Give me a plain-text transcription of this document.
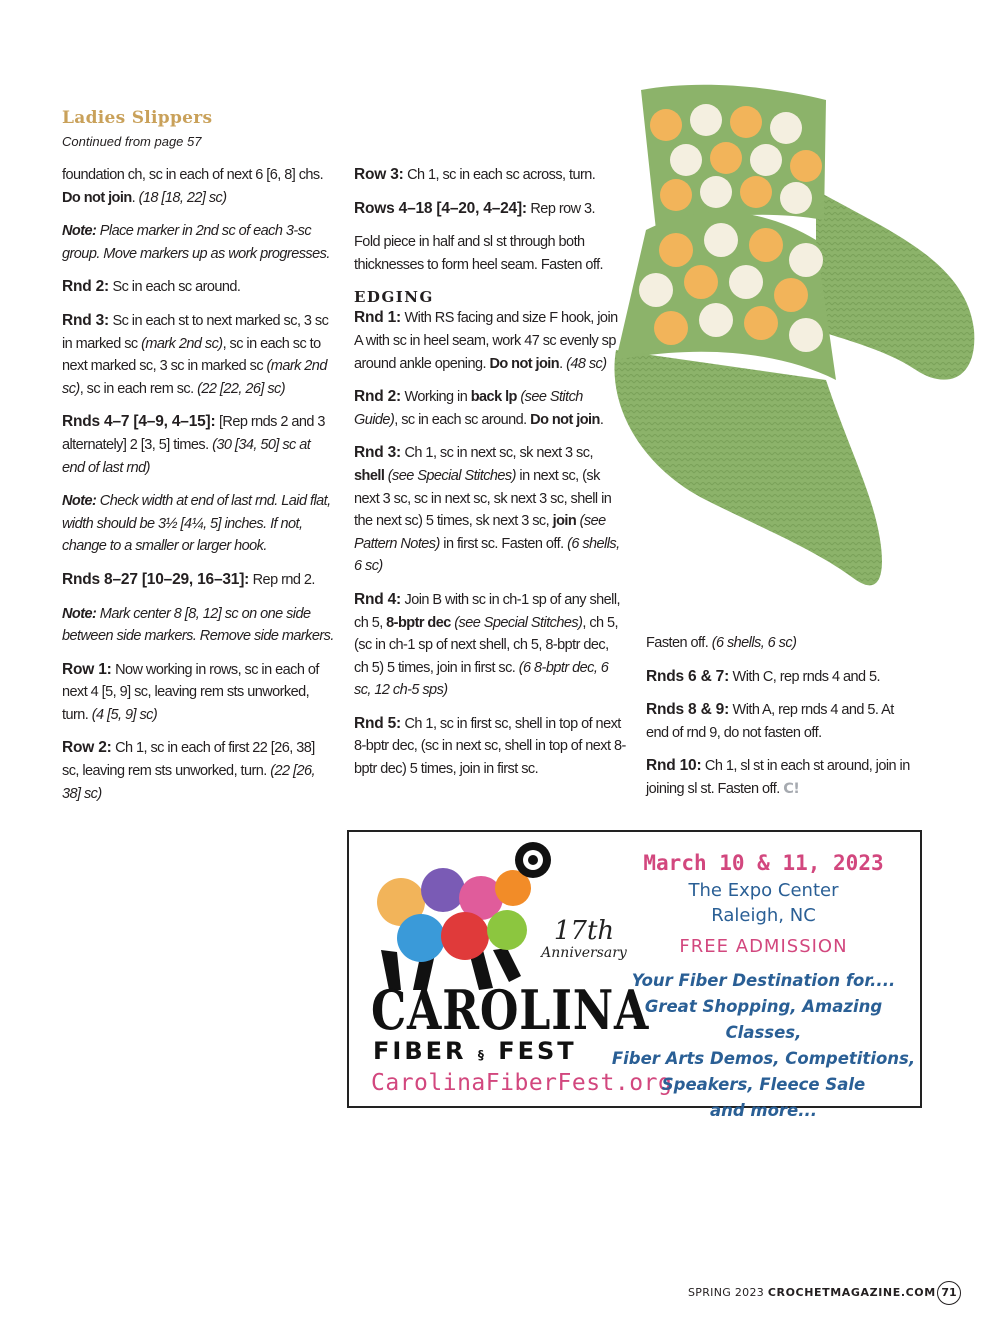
Ladies Slippers
Continued from page 57

foundation ch, sc in each of next 6 [6, 8] chs. Do not join. (18 [18, 22] sc)

Note: Place marker in 2nd sc of each 3-sc group. Move markers up as work progresses.

Rnd 2: Sc in each sc around.

Rnd 3: Sc in each st to next marked sc, 3 sc in marked sc (mark 2nd sc), sc in each sc to next marked sc, 3 sc in marked sc (mark 2nd sc), sc in each rem sc. (22 [22, 26] sc)

Rnds 4–7 [4–9, 4–15]: [Rep rnds 2 and 3 alternately] 2 [3, 5] times. (30 [34, 50] sc at end of last rnd)

Note: Check width at end of last rnd. Laid flat, width should be 3½ [4¼, 5] inches. If not, change to a smaller or larger hook.

Rnds 8–27 [10–29, 16–31]: Rep rnd 2.

Note: Mark center 8 [8, 12] sc on one side between side markers. Remove side markers.

Row 1: Now working in rows, sc in each of next 4 [5, 9] sc, leaving rem sts unworked, turn. (4 [5, 9] sc)

Row 2: Ch 1, sc in each of first 22 [26, 38] sc, leaving rem sts unworked, turn. (22 [26, 38] sc)

Row 3: Ch 1, sc in each sc across, turn.

Rows 4–18 [4–20, 4–24]: Rep row 3.

Fold piece in half and sl st through both thicknesses to form heel seam. Fasten off.

EDGING

Rnd 1: With RS facing and size F hook, join A with sc in heel seam, work 47 sc evenly sp around ankle opening. Do not join. (48 sc)

Rnd 2: Working in back lp (see Stitch Guide), sc in each sc around. Do not join.

Rnd 3: Ch 1, sc in next sc, sk next 3 sc, shell (see Special Stitches) in next sc, (sk next 3 sc, sc in next sc, sk next 3 sc, shell in the next sc) 5 times, sk next 3 sc, join (see Pattern Notes) in first sc. Fasten off. (6 shells, 6 sc)

Rnd 4: Join B with sc in ch-1 sp of any shell, ch 5, 8-bptr dec (see Special Stitches), ch 5, (sc in ch-1 sp of next shell, ch 5, 8-bptr dec, ch 5) 5 times, join in first sc. (6 8-bptr dec, 6 sc, 12 ch-5 sps)

Rnd 5: Ch 1, sc in first sc, shell in top of next 8-bptr dec, (sc in next sc, shell in top of next 8-bptr dec) 5 times, join in first sc.

Fasten off. (6 shells, 6 sc)

Rnds 6 & 7: With C, rep rnds 4 and 5.

Rnds 8 & 9: With A, rep rnds 4 and 5. At end of rnd 9, do not fasten off.

Rnd 10: Ch 1, sl st in each st around, join in joining sl st. Fasten off. C!

17th
Anniversary
CAROLINA
FIBER § FEST
CarolinaFiberFest.org
March 10 & 11, 2023
The Expo Center
Raleigh, NC
FREE ADMISSION
Your Fiber Destination for....
Great Shopping, Amazing Classes,
Fiber Arts Demos, Competitions,
Speakers, Fleece Sale
and more...
SPRING 2023 CROCHETMAGAZINE.COM 71
